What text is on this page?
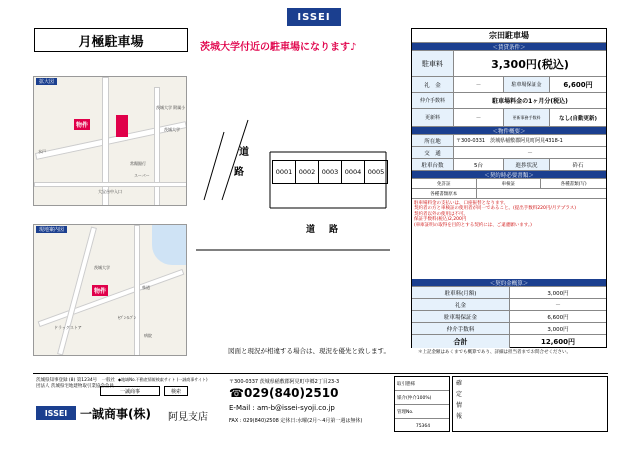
ISSEI
月極駐車場	茨城大学付近の駐車場になります♪
拡大図
物件
茨城大学 附属小
茨城大学
常陽銀行
水戸
大宝台中入口
スーパー
現地案内図
物件
茨城大学
県道
ｾﾌﾞﾝｲﾚﾌﾞﾝ
ドラッグストア
病院
道
路
道路
0001 0002 0003 0004 0005
図面と現況が相違する場合は、現況を優先と致します。
宗田駐車場
＜賃貸条件＞
駐車料	3,300円(税込)
礼　金	－	駐車場保証金	6,600円
仲介手数料	駐車場料金の1ヶ月分(税込)
更新料	－	更新事務手数料	なし(自動更新)
＜物件概要＞
所在地	〒300-0331　茨城県稲敷郡阿見町阿見4318-1
交　通	－
駐車台数	5台	進捗状況	砕石
＜契約時必要書類＞
免許証	車検証	各種書類(写)
各種書類原本
駐車場料金の支払いは、口座振替となります。
契約者の方と車検証の使用者が同一であること。(提出手数料220円/月アプラス)
契約者以外の使用は不可。
保証手数料(税込)2,200円
(車庫証明の取得を目的とする契約には、ご遠慮願います。)
＜契約金概算＞
駐車料(月額)	3,000円
礼金	－
駐車場保証金	6,600円
仲介手数料	3,000円
合計	12,600円
＊上記金額はあくまでも概算であり、詳細は担当者までお問合せください。
茨城県知事登録 (8) 第1234号　一般社団法人 茨城県宅地建物取引業協会会員
◆地域No.不動産情報検索サイト (一誠商事サイト)
一誠商事	検索
ISSEI	一誠商事(株) 阿見支店
〒300-0337 茨城県稲敷郡阿見町中郷2丁目23-3
☎029(840)2510
E-Mail : am-b@issei-syoji.co.jp
FAX : 029(840)2508 定休日:水曜(2月～4月第一週は無休)
取引態様
媒介(仲介100%)
管理No.
75364
確定情報
